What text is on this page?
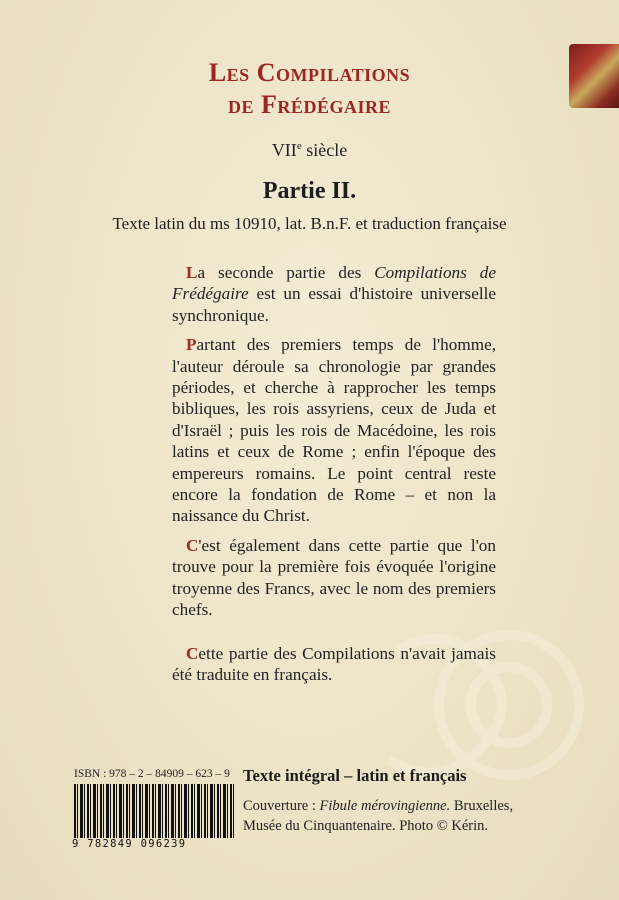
Les Compilations
de Frédégaire

VIIe siècle

Partie II.

Texte latin du ms 10910, lat. B.n.F. et traduction française

La seconde partie des Compilations de Frédégaire est un essai d'histoire universelle synchronique.

Partant des premiers temps de l'homme, l'auteur déroule sa chronologie par grandes périodes, et cherche à rapprocher les temps bibliques, les rois assyriens, ceux de Juda et d'Israël ; puis les rois de Macédoine, les rois latins et ceux de Rome ; enfin l'époque des empereurs romains. Le point central reste encore la fondation de Rome – et non la naissance du Christ.

C'est également dans cette partie que l'on trouve pour la première fois évoquée l'origine troyenne des Francs, avec le nom des premiers chefs.

Cette partie des Compilations n'avait jamais été traduite en français.

ISBN : 978 – 2 – 84909 – 623 – 9

9 782849 096239

Texte intégral – latin et français

Couverture : Fibule mérovingienne. Bruxelles, Musée du Cinquantenaire. Photo © Kérin.
